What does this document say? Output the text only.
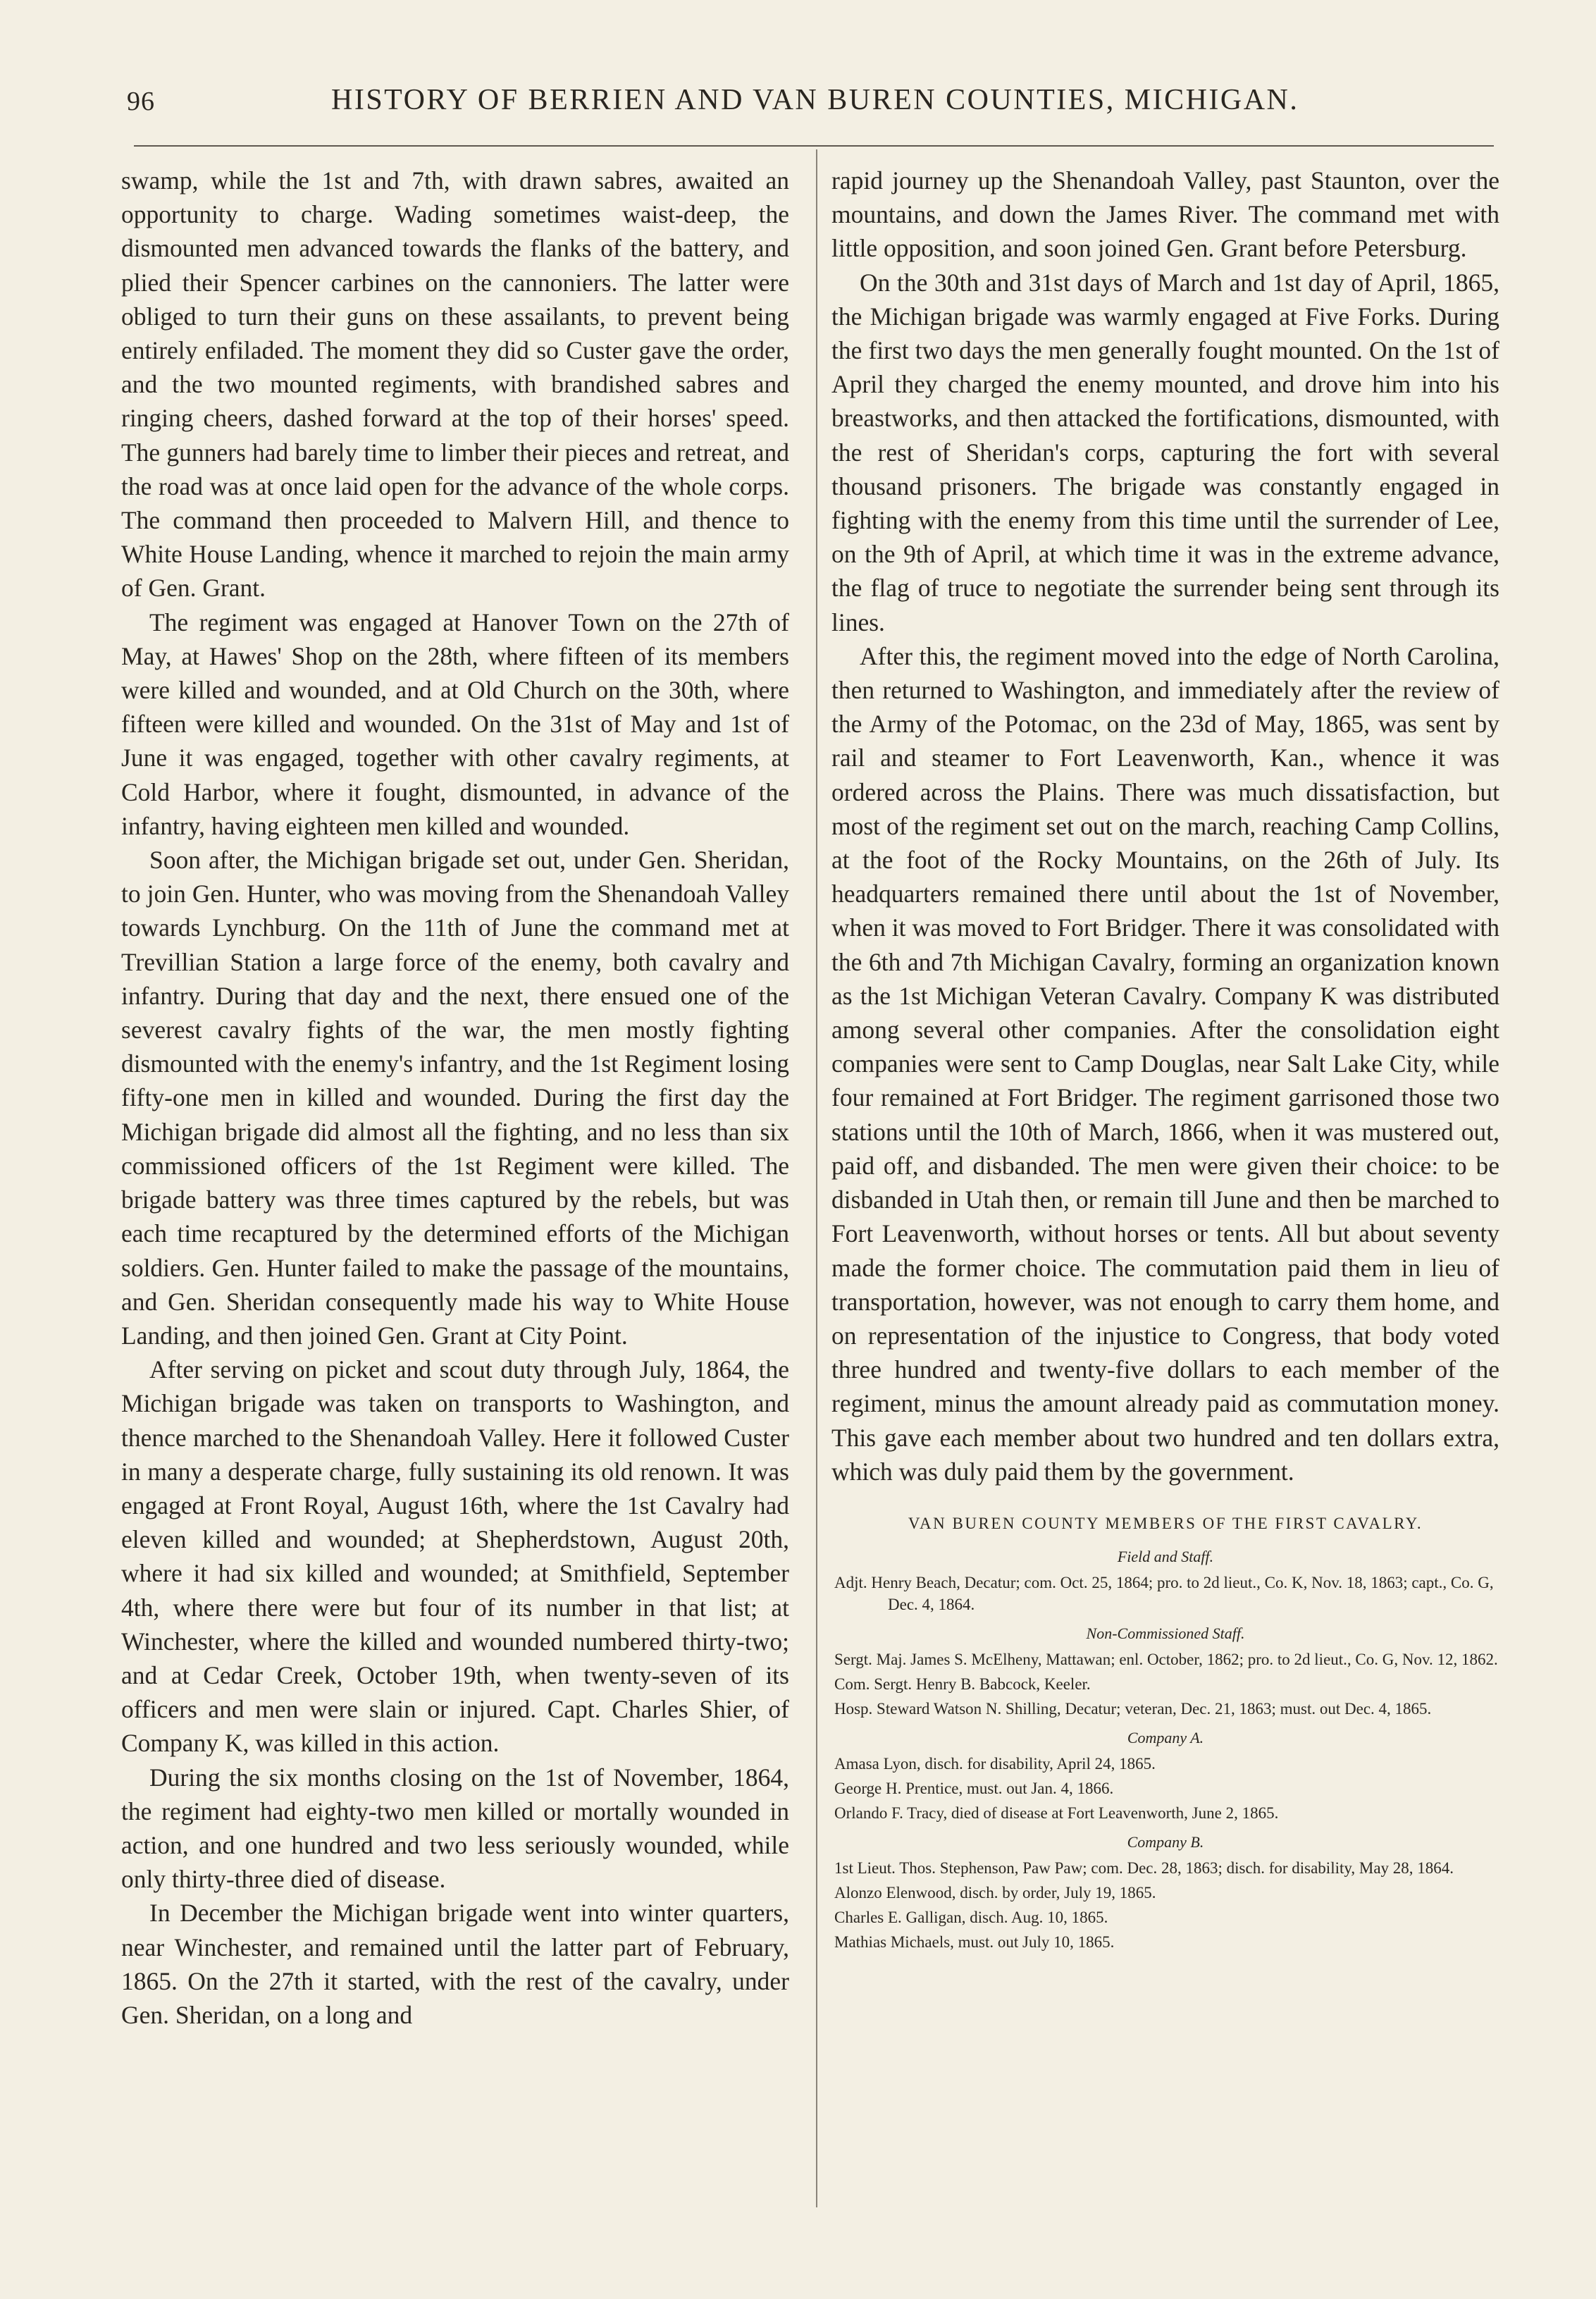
96	HISTORY OF BERRIEN AND VAN BUREN COUNTIES, MICHIGAN.

swamp, while the 1st and 7th, with drawn sabres, awaited an opportunity to charge. Wading sometimes waist-deep, the dismounted men advanced towards the flanks of the battery, and plied their Spencer carbines on the cannoniers. The latter were obliged to turn their guns on these assailants, to prevent being entirely enfiladed. The moment they did so Custer gave the order, and the two mounted regiments, with brandished sabres and ringing cheers, dashed forward at the top of their horses' speed. The gunners had barely time to limber their pieces and retreat, and the road was at once laid open for the advance of the whole corps. The command then proceeded to Malvern Hill, and thence to White House Landing, whence it marched to rejoin the main army of Gen. Grant.

The regiment was engaged at Hanover Town on the 27th of May, at Hawes' Shop on the 28th, where fifteen of its members were killed and wounded, and at Old Church on the 30th, where fifteen were killed and wounded. On the 31st of May and 1st of June it was engaged, together with other cavalry regiments, at Cold Harbor, where it fought, dismounted, in advance of the infantry, having eighteen men killed and wounded.

Soon after, the Michigan brigade set out, under Gen. Sheridan, to join Gen. Hunter, who was moving from the Shenandoah Valley towards Lynchburg. On the 11th of June the command met at Trevillian Station a large force of the enemy, both cavalry and infantry. During that day and the next, there ensued one of the severest cavalry fights of the war, the men mostly fighting dismounted with the enemy's infantry, and the 1st Regiment losing fifty-one men in killed and wounded. During the first day the Michigan brigade did almost all the fighting, and no less than six commissioned officers of the 1st Regiment were killed. The brigade battery was three times captured by the rebels, but was each time recaptured by the determined efforts of the Michigan soldiers. Gen. Hunter failed to make the passage of the mountains, and Gen. Sheridan consequently made his way to White House Landing, and then joined Gen. Grant at City Point.

After serving on picket and scout duty through July, 1864, the Michigan brigade was taken on transports to Washington, and thence marched to the Shenandoah Valley. Here it followed Custer in many a desperate charge, fully sustaining its old renown. It was engaged at Front Royal, August 16th, where the 1st Cavalry had eleven killed and wounded; at Shepherdstown, August 20th, where it had six killed and wounded; at Smithfield, September 4th, where there were but four of its number in that list; at Winchester, where the killed and wounded numbered thirty-two; and at Cedar Creek, October 19th, when twenty-seven of its officers and men were slain or injured. Capt. Charles Shier, of Company K, was killed in this action.

During the six months closing on the 1st of November, 1864, the regiment had eighty-two men killed or mortally wounded in action, and one hundred and two less seriously wounded, while only thirty-three died of disease.

In December the Michigan brigade went into winter quarters, near Winchester, and remained until the latter part of February, 1865. On the 27th it started, with the rest of the cavalry, under Gen. Sheridan, on a long and

rapid journey up the Shenandoah Valley, past Staunton, over the mountains, and down the James River. The command met with little opposition, and soon joined Gen. Grant before Petersburg.

On the 30th and 31st days of March and 1st day of April, 1865, the Michigan brigade was warmly engaged at Five Forks. During the first two days the men generally fought mounted. On the 1st of April they charged the enemy mounted, and drove him into his breastworks, and then attacked the fortifications, dismounted, with the rest of Sheridan's corps, capturing the fort with several thousand prisoners. The brigade was constantly engaged in fighting with the enemy from this time until the surrender of Lee, on the 9th of April, at which time it was in the extreme advance, the flag of truce to negotiate the surrender being sent through its lines.

After this, the regiment moved into the edge of North Carolina, then returned to Washington, and immediately after the review of the Army of the Potomac, on the 23d of May, 1865, was sent by rail and steamer to Fort Leavenworth, Kan., whence it was ordered across the Plains. There was much dissatisfaction, but most of the regiment set out on the march, reaching Camp Collins, at the foot of the Rocky Mountains, on the 26th of July. Its headquarters remained there until about the 1st of November, when it was moved to Fort Bridger. There it was consolidated with the 6th and 7th Michigan Cavalry, forming an organization known as the 1st Michigan Veteran Cavalry. Company K was distributed among several other companies. After the consolidation eight companies were sent to Camp Douglas, near Salt Lake City, while four remained at Fort Bridger. The regiment garrisoned those two stations until the 10th of March, 1866, when it was mustered out, paid off, and disbanded. The men were given their choice: to be disbanded in Utah then, or remain till June and then be marched to Fort Leavenworth, without horses or tents. All but about seventy made the former choice. The commutation paid them in lieu of transportation, however, was not enough to carry them home, and on representation of the injustice to Congress, that body voted three hundred and twenty-five dollars to each member of the regiment, minus the amount already paid as commutation money. This gave each member about two hundred and ten dollars extra, which was duly paid them by the government.

VAN BUREN COUNTY MEMBERS OF THE FIRST CAVALRY.
Field and Staff.
Adjt. Henry Beach, Decatur; com. Oct. 25, 1864; pro. to 2d lieut., Co. K, Nov. 18, 1863; capt., Co. G, Dec. 4, 1864.
Non-Commissioned Staff.
Sergt. Maj. James S. McElheny, Mattawan; enl. October, 1862; pro. to 2d lieut., Co. G, Nov. 12, 1862.
Com. Sergt. Henry B. Babcock, Keeler.
Hosp. Steward Watson N. Shilling, Decatur; veteran, Dec. 21, 1863; must. out Dec. 4, 1865.
Company A.
Amasa Lyon, disch. for disability, April 24, 1865.
George H. Prentice, must. out Jan. 4, 1866.
Orlando F. Tracy, died of disease at Fort Leavenworth, June 2, 1865.
Company B.
1st Lieut. Thos. Stephenson, Paw Paw; com. Dec. 28, 1863; disch. for disability, May 28, 1864.
Alonzo Elenwood, disch. by order, July 19, 1865.
Charles E. Galligan, disch. Aug. 10, 1865.
Mathias Michaels, must. out July 10, 1865.
